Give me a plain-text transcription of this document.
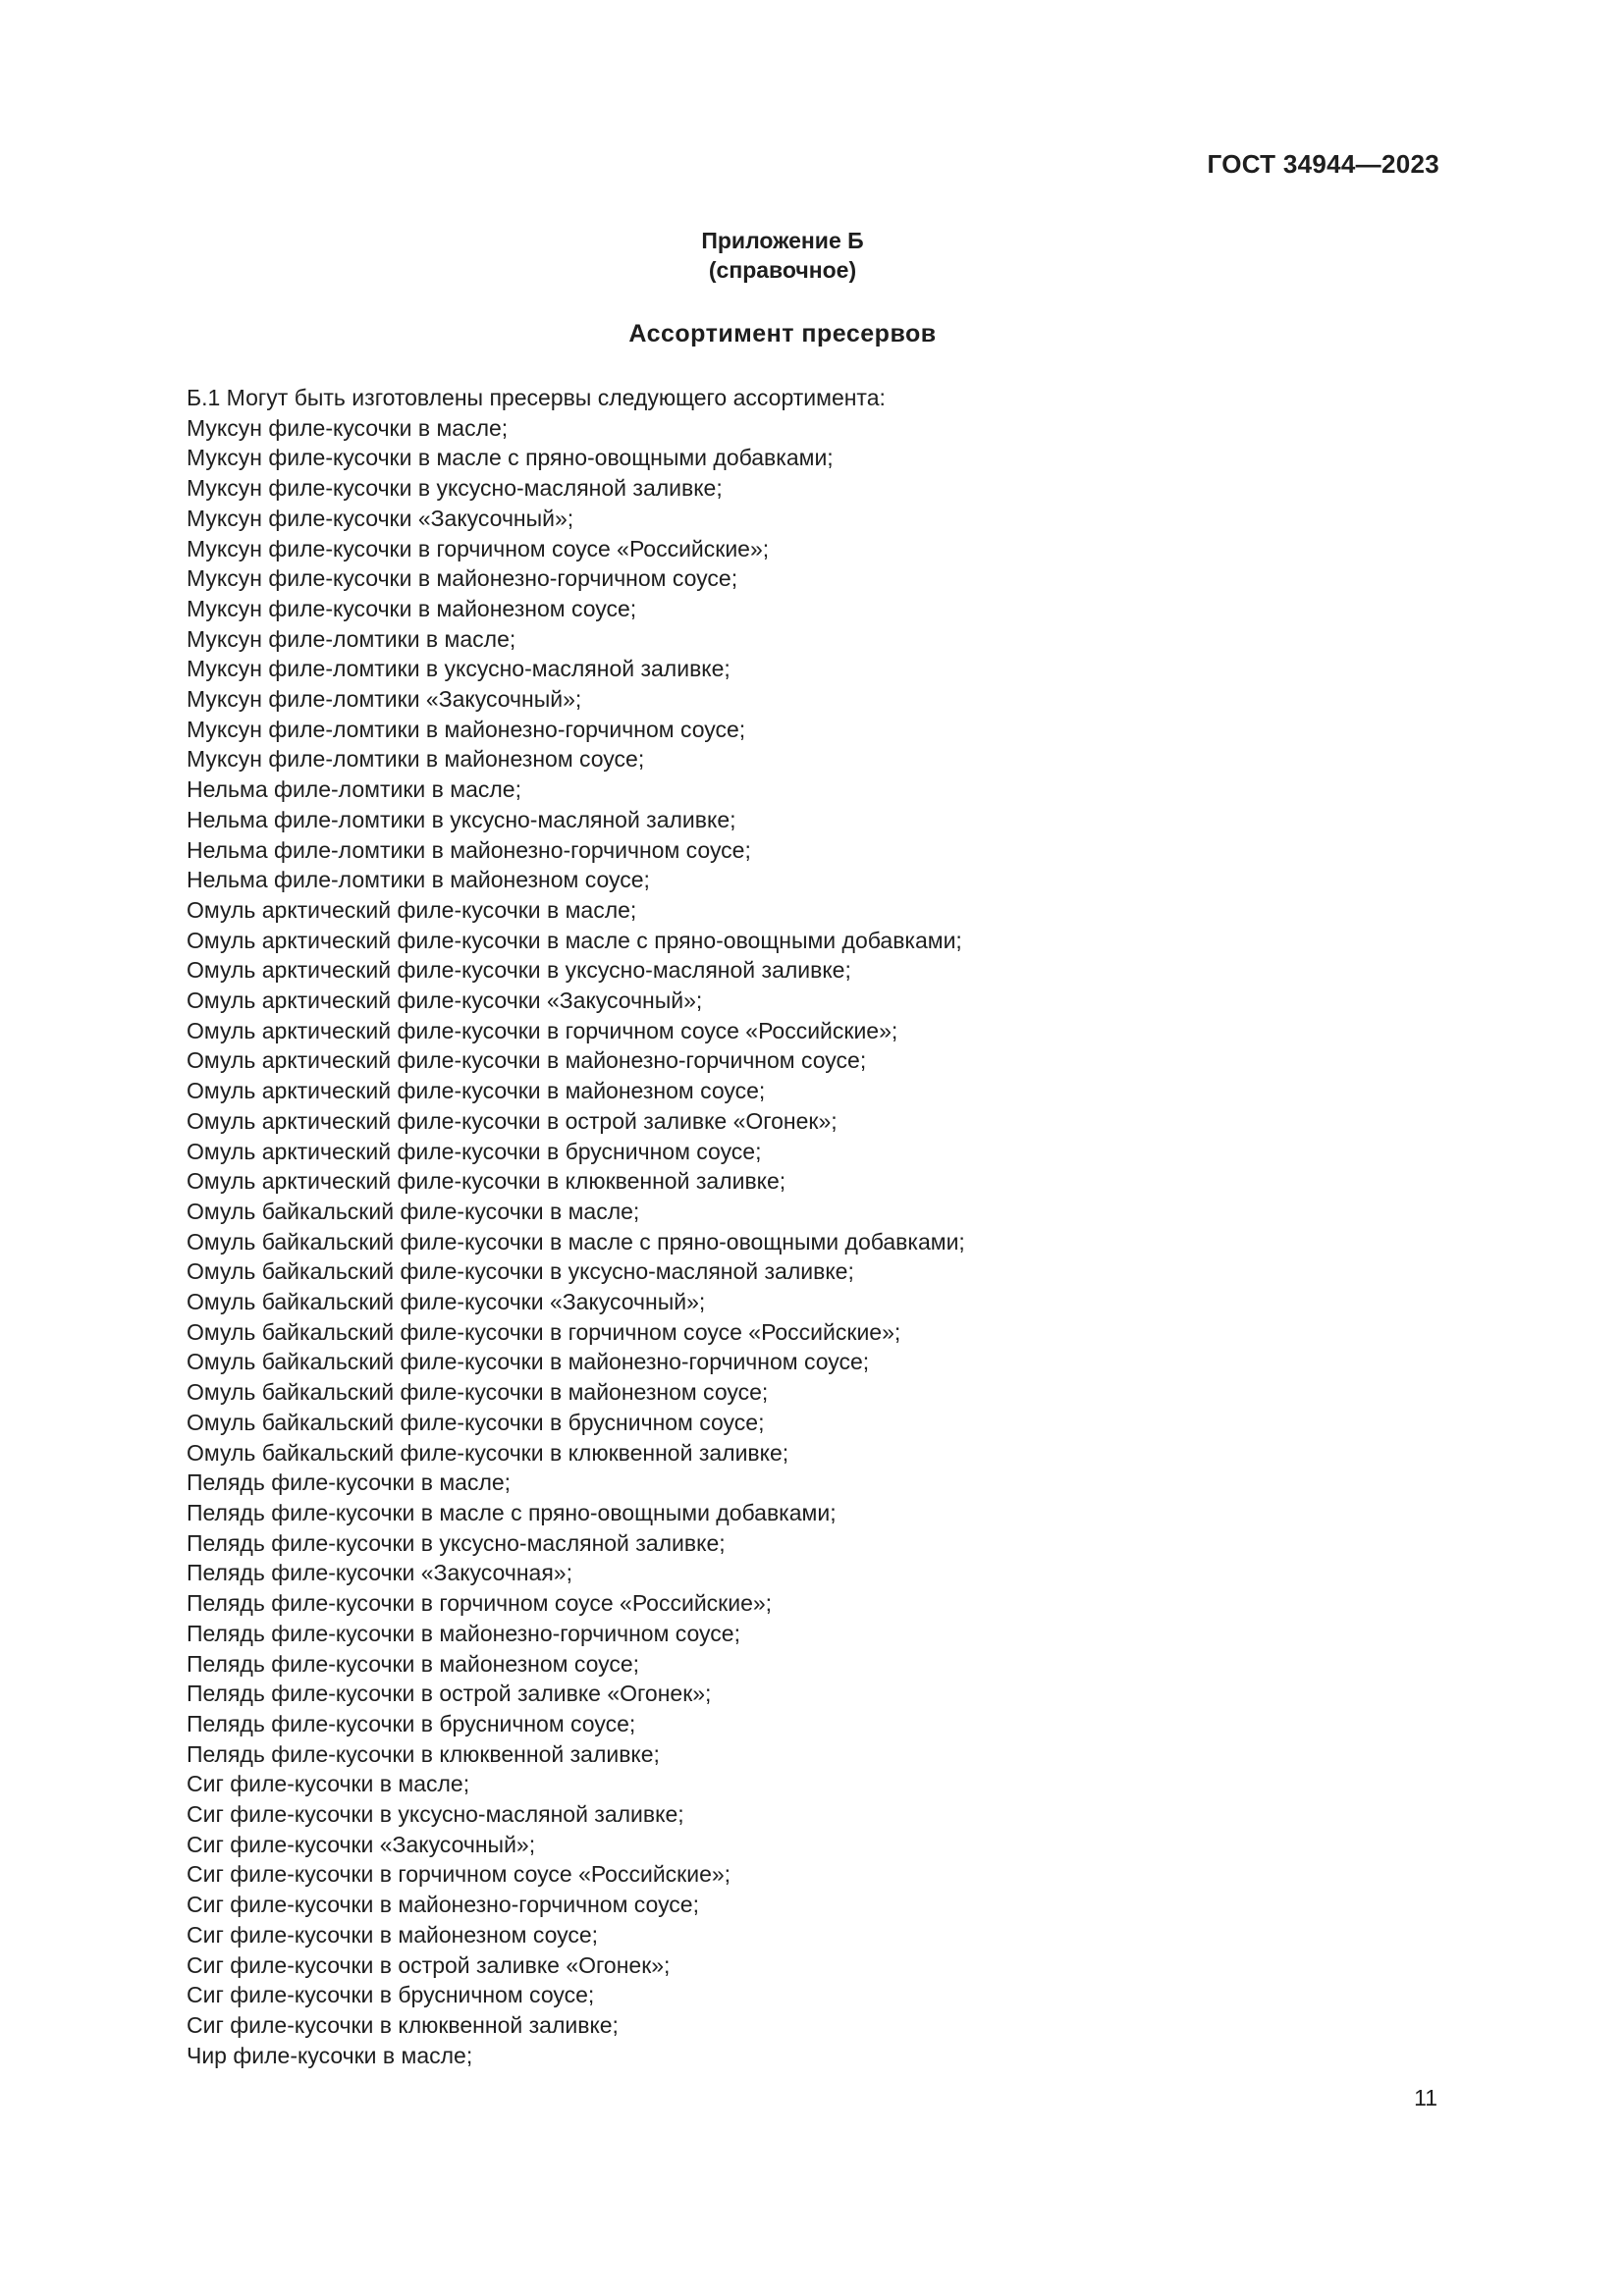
ГОСТ 34944—2023

Приложение Б
(справочное)
Ассортимент пресервов

Б.1 Могут быть изготовлены пресервы следующего ассортимента:

Муксун филе-кусочки в масле;
Муксун филе-кусочки в масле с пряно-овощными добавками;
Муксун филе-кусочки в уксусно-масляной заливке;
Муксун филе-кусочки «Закусочный»;
Муксун филе-кусочки в горчичном соусе «Российские»;
Муксун филе-кусочки в майонезно-горчичном соусе;
Муксун филе-кусочки в майонезном соусе;
Муксун филе-ломтики в масле;
Муксун филе-ломтики в уксусно-масляной заливке;
Муксун филе-ломтики «Закусочный»;
Муксун филе-ломтики в майонезно-горчичном соусе;
Муксун филе-ломтики в майонезном соусе;
Нельма филе-ломтики в масле;
Нельма филе-ломтики в уксусно-масляной заливке;
Нельма филе-ломтики в майонезно-горчичном соусе;
Нельма филе-ломтики в майонезном соусе;
Омуль арктический филе-кусочки в масле;
Омуль арктический филе-кусочки в масле с пряно-овощными добавками;
Омуль арктический филе-кусочки в уксусно-масляной заливке;
Омуль арктический филе-кусочки «Закусочный»;
Омуль арктический филе-кусочки в горчичном соусе «Российские»;
Омуль арктический филе-кусочки в майонезно-горчичном соусе;
Омуль арктический филе-кусочки в майонезном соусе;
Омуль арктический филе-кусочки в острой заливке «Огонек»;
Омуль арктический филе-кусочки в брусничном соусе;
Омуль арктический филе-кусочки в клюквенной заливке;
Омуль байкальский филе-кусочки в масле;
Омуль байкальский филе-кусочки в масле с пряно-овощными добавками;
Омуль байкальский филе-кусочки в уксусно-масляной заливке;
Омуль байкальский филе-кусочки «Закусочный»;
Омуль байкальский филе-кусочки в горчичном соусе «Российские»;
Омуль байкальский филе-кусочки в майонезно-горчичном соусе;
Омуль байкальский филе-кусочки в майонезном соусе;
Омуль байкальский филе-кусочки в брусничном соусе;
Омуль байкальский филе-кусочки в клюквенной заливке;
Пелядь филе-кусочки в масле;
Пелядь филе-кусочки в масле с пряно-овощными добавками;
Пелядь филе-кусочки в уксусно-масляной заливке;
Пелядь филе-кусочки «Закусочная»;
Пелядь филе-кусочки в горчичном соусе «Российские»;
Пелядь филе-кусочки в майонезно-горчичном соусе;
Пелядь филе-кусочки в майонезном соусе;
Пелядь филе-кусочки в острой заливке «Огонек»;
Пелядь филе-кусочки в брусничном соусе;
Пелядь филе-кусочки в клюквенной заливке;
Сиг филе-кусочки в масле;
Сиг филе-кусочки в уксусно-масляной заливке;
Сиг филе-кусочки «Закусочный»;
Сиг филе-кусочки в горчичном соусе «Российские»;
Сиг филе-кусочки в майонезно-горчичном соусе;
Сиг филе-кусочки в майонезном соусе;
Сиг филе-кусочки в острой заливке «Огонек»;
Сиг филе-кусочки в брусничном соусе;
Сиг филе-кусочки в клюквенной заливке;
Чир филе-кусочки в масле;

11
